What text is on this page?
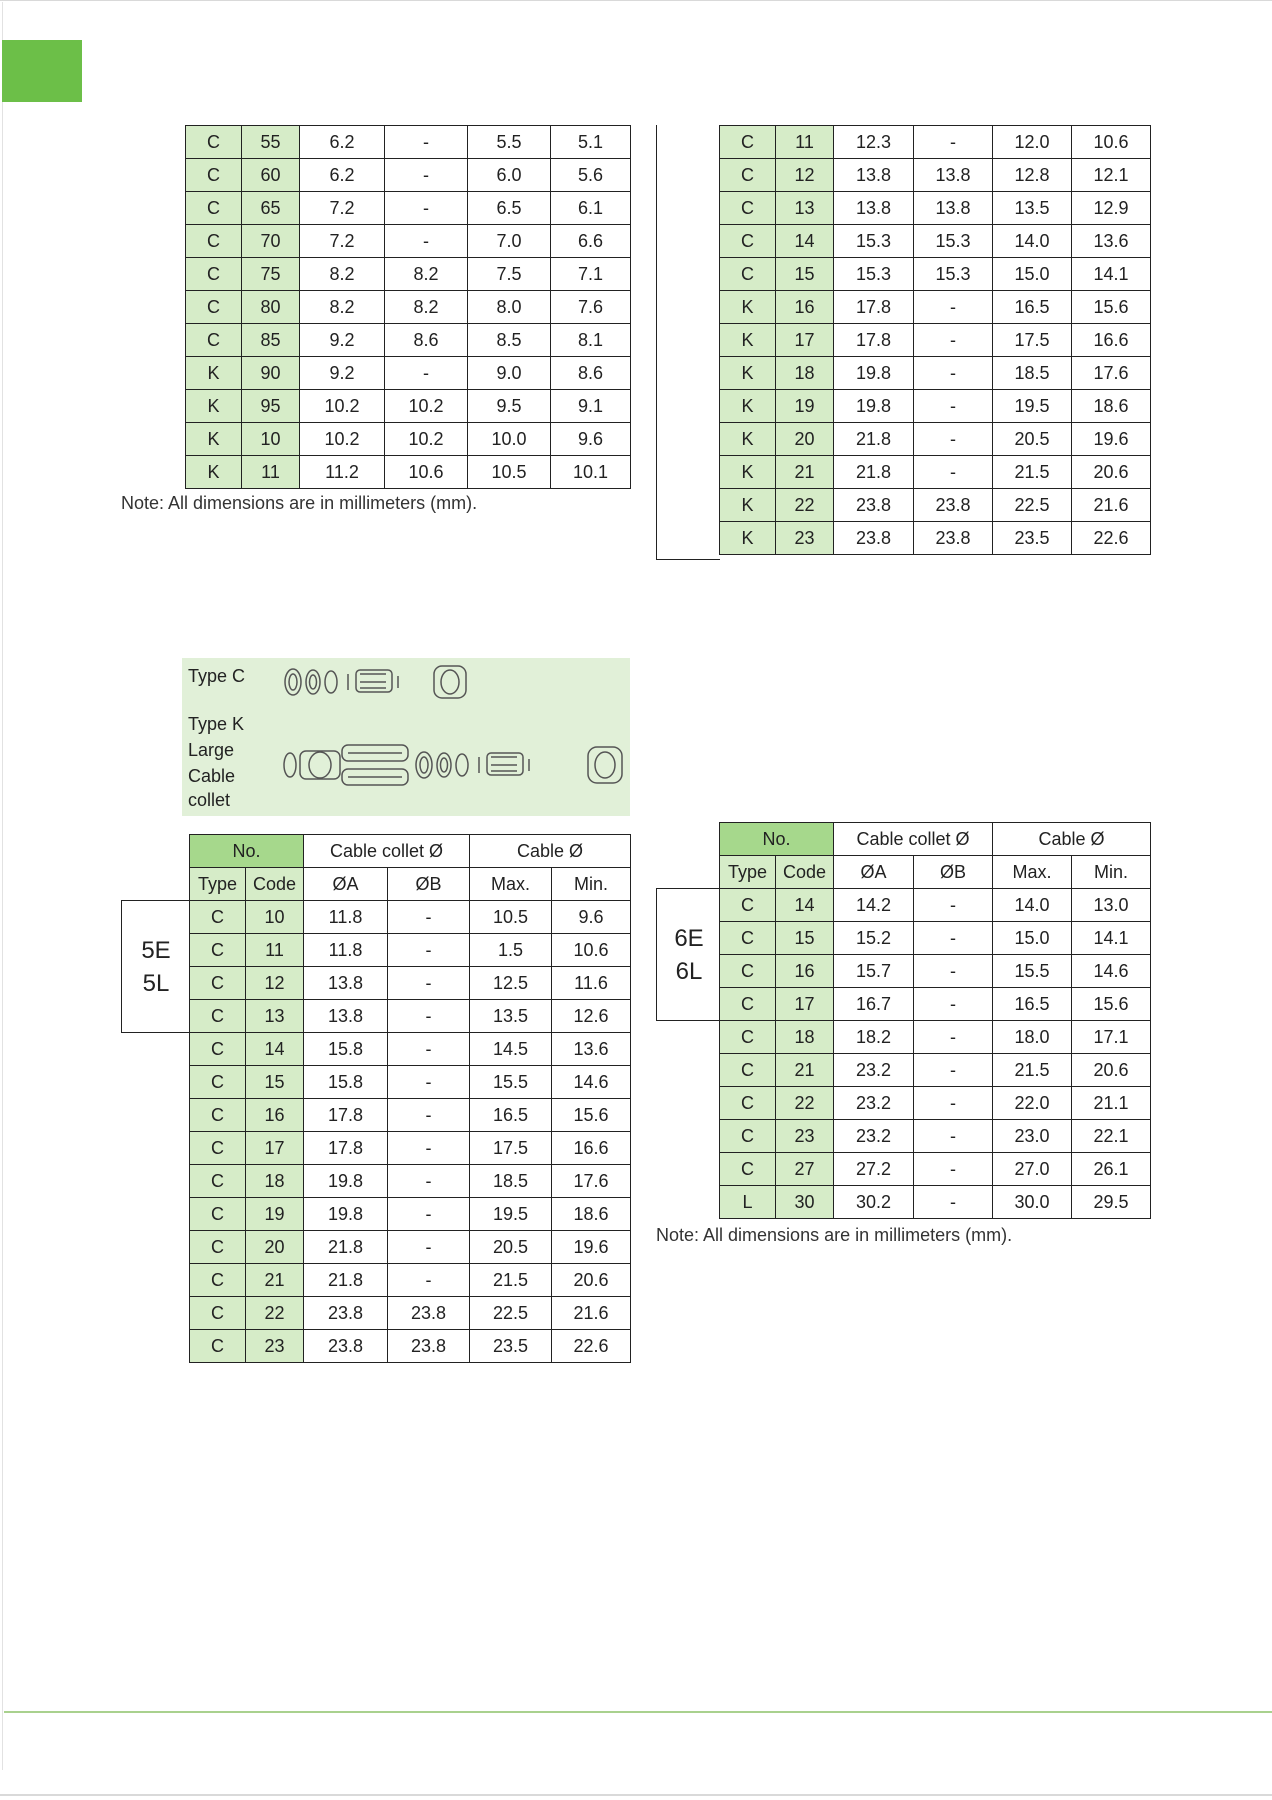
C	55	6.2	-	5.5	5.1
C	60	6.2	-	6.0	5.6
C	65	7.2	-	6.5	6.1
C	70	7.2	-	7.0	6.6
C	75	8.2	8.2	7.5	7.1
C	80	8.2	8.2	8.0	7.6
C	85	9.2	8.6	8.5	8.1
K	90	9.2	-	9.0	8.6
K	95	10.2	10.2	9.5	9.1
K	10	10.2	10.2	10.0	9.6
K	11	11.2	10.6	10.5	10.1
Note: All dimensions are in millimeters (mm).
C	11	12.3	-	12.0	10.6
C	12	13.8	13.8	12.8	12.1
C	13	13.8	13.8	13.5	12.9
C	14	15.3	15.3	14.0	13.6
C	15	15.3	15.3	15.0	14.1
K	16	17.8	-	16.5	15.6
K	17	17.8	-	17.5	16.6
K	18	19.8	-	18.5	17.6
K	19	19.8	-	19.5	18.6
K	20	21.8	-	20.5	19.6
K	21	21.8	-	21.5	20.6
K	22	23.8	23.8	22.5	21.6
K	23	23.8	23.8	23.5	22.6
Type C
Type K
Large
Cable
collet
5E
5L
No.		Cable collet Ø		Cable Ø	
Type	Code	ØA	ØB	Max.	Min.
C	10	11.8	-	10.5	9.6
C	11	11.8	-	1.5	10.6
C	12	13.8	-	12.5	11.6
C	13	13.8	-	13.5	12.6
C	14	15.8	-	14.5	13.6
C	15	15.8	-	15.5	14.6
C	16	17.8	-	16.5	15.6
C	17	17.8	-	17.5	16.6
C	18	19.8	-	18.5	17.6
C	19	19.8	-	19.5	18.6
C	20	21.8	-	20.5	19.6
C	21	21.8	-	21.5	20.6
C	22	23.8	23.8	22.5	21.6
C	23	23.8	23.8	23.5	22.6
6E
6L
No.		Cable collet Ø		Cable Ø	
Type	Code	ØA	ØB	Max.	Min.
C	14	14.2	-	14.0	13.0
C	15	15.2	-	15.0	14.1
C	16	15.7	-	15.5	14.6
C	17	16.7	-	16.5	15.6
C	18	18.2	-	18.0	17.1
C	21	23.2	-	21.5	20.6
C	22	23.2	-	22.0	21.1
C	23	23.2	-	23.0	22.1
C	27	27.2	-	27.0	26.1
L	30	30.2	-	30.0	29.5
Note: All dimensions are in millimeters (mm).
